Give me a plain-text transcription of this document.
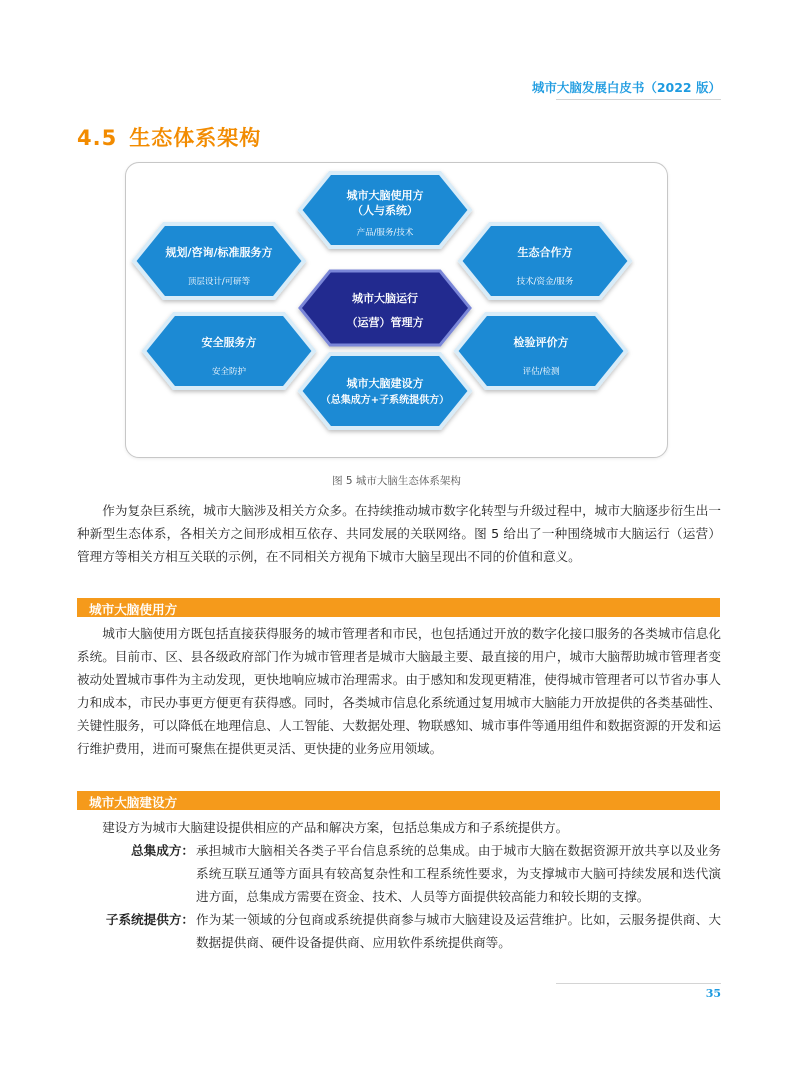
城市大脑发展白皮书（2022 版）
4.5 生态体系架构
城市大脑使用方
（人与系统）
产品/服务/技术
规划/咨询/标准服务方
顶层设计/可研等
生态合作方
技术/资金/服务
城市大脑运行
（运营）管理方
安全服务方
安全防护
检验评价方
评估/检测
城市大脑建设方
（总集成方+子系统提供方）
图 5 城市大脑生态体系架构
作为复杂巨系统，城市大脑涉及相关方众多。在持续推动城市数字化转型与升级过程中，城市大脑逐步衍生出一种新型生态体系，各相关方之间形成相互依存、共同发展的关联网络。图 5 给出了一种围绕城市大脑运行（运营）管理方等相关方相互关联的示例，在不同相关方视角下城市大脑呈现出不同的价值和意义。
城市大脑使用方
城市大脑使用方既包括直接获得服务的城市管理者和市民，也包括通过开放的数字化接口服务的各类城市信息化系统。目前市、区、县各级政府部门作为城市管理者是城市大脑最主要、最直接的用户，城市大脑帮助城市管理者变被动处置城市事件为主动发现，更快地响应城市治理需求。由于感知和发现更精准，使得城市管理者可以节省办事人力和成本，市民办事更方便更有获得感。同时，各类城市信息化系统通过复用城市大脑能力开放提供的各类基础性、关键性服务，可以降低在地理信息、人工智能、大数据处理、物联感知、城市事件等通用组件和数据资源的开发和运行维护费用，进而可聚焦在提供更灵活、更快捷的业务应用领域。
城市大脑建设方
建设方为城市大脑建设提供相应的产品和解决方案，包括总集成方和子系统提供方。
总集成方： 承担城市大脑相关各类子平台信息系统的总集成。由于城市大脑在数据资源开放共享以及业务系统互联互通等方面具有较高复杂性和工程系统性要求，为支撑城市大脑可持续发展和迭代演进方面，总集成方需要在资金、技术、人员等方面提供较高能力和较长期的支撑。
子系统提供方： 作为某一领域的分包商或系统提供商参与城市大脑建设及运营维护。比如，云服务提供商、大数据提供商、硬件设备提供商、应用软件系统提供商等。
35
